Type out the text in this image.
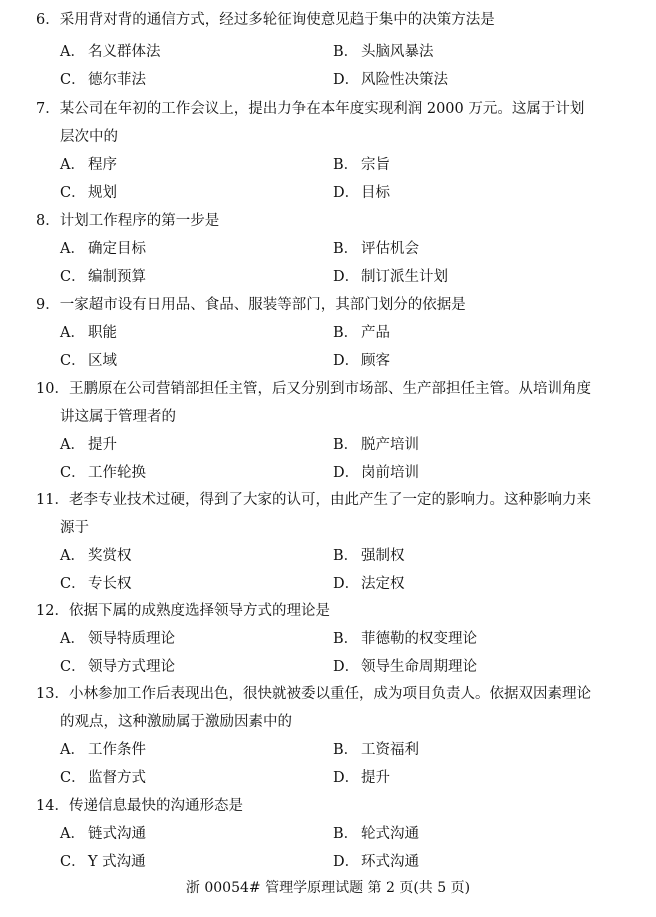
6．采用背对背的通信方式，经过多轮征询使意见趋于集中的决策方法是
A． 名义群体法	B． 头脑风暴法
C． 德尔菲法	D． 风险性决策法
7．某公司在年初的工作会议上，提出力争在本年度实现利润 2000 万元。这属于计划
层次中的
A． 程序	B． 宗旨
C． 规划	D． 目标
8．计划工作程序的第一步是
A． 确定目标	B． 评估机会
C． 编制预算	D． 制订派生计划
9．一家超市设有日用品、食品、服装等部门，其部门划分的依据是
A． 职能	B． 产品
C． 区域	D． 顾客
10．王鹏原在公司营销部担任主管，后又分别到市场部、生产部担任主管。从培训角度
讲这属于管理者的
A． 提升	B． 脱产培训
C． 工作轮换	D． 岗前培训
11．老李专业技术过硬，得到了大家的认可，由此产生了一定的影响力。这种影响力来
源于
A． 奖赏权	B． 强制权
C． 专长权	D． 法定权
12．依据下属的成熟度选择领导方式的理论是
A． 领导特质理论	B． 菲德勒的权变理论
C． 领导方式理论	D． 领导生命周期理论
13．小林参加工作后表现出色，很快就被委以重任，成为项目负责人。依据双因素理论
的观点，这种激励属于激励因素中的
A． 工作条件	B． 工资福利
C． 监督方式	D． 提升
14．传递信息最快的沟通形态是
A． 链式沟通	B． 轮式沟通
C． Y 式沟通	D． 环式沟通
浙 00054# 管理学原理试题 第 2 页(共 5 页)
